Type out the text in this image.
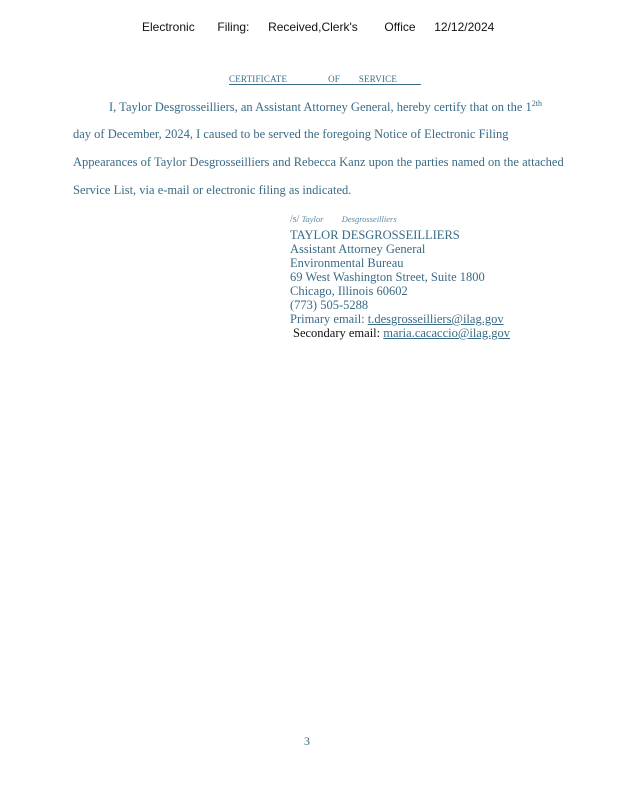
Electronic Filing: Received,Clerk's Office 12/12/2024
CERTIFICATE	OF SERVICE
I, Taylor Desgrosseilliers, an Assistant Attorney General, hereby certify that on the $1^{2th}$
day of December, 2024, I caused to be served the foregoing Notice of Electronic Filing
Appearances of Taylor Desgrosseilliers and Rebecca Kanz upon the parties named on the attached
Service List, via e-mail or electronic filing as indicated.
/s/ Taylor Desgrosseilliers
TAYLOR DESGROSSEILLIERS
Assistant Attorney General
Environmental Bureau
69 West Washington Street, Suite 1800
Chicago, Illinois 60602
(773) 505-5288
Primary email: t.desgrosseilliers@ilag.gov
Secondary email: maria.cacaccio@ilag.gov
3
